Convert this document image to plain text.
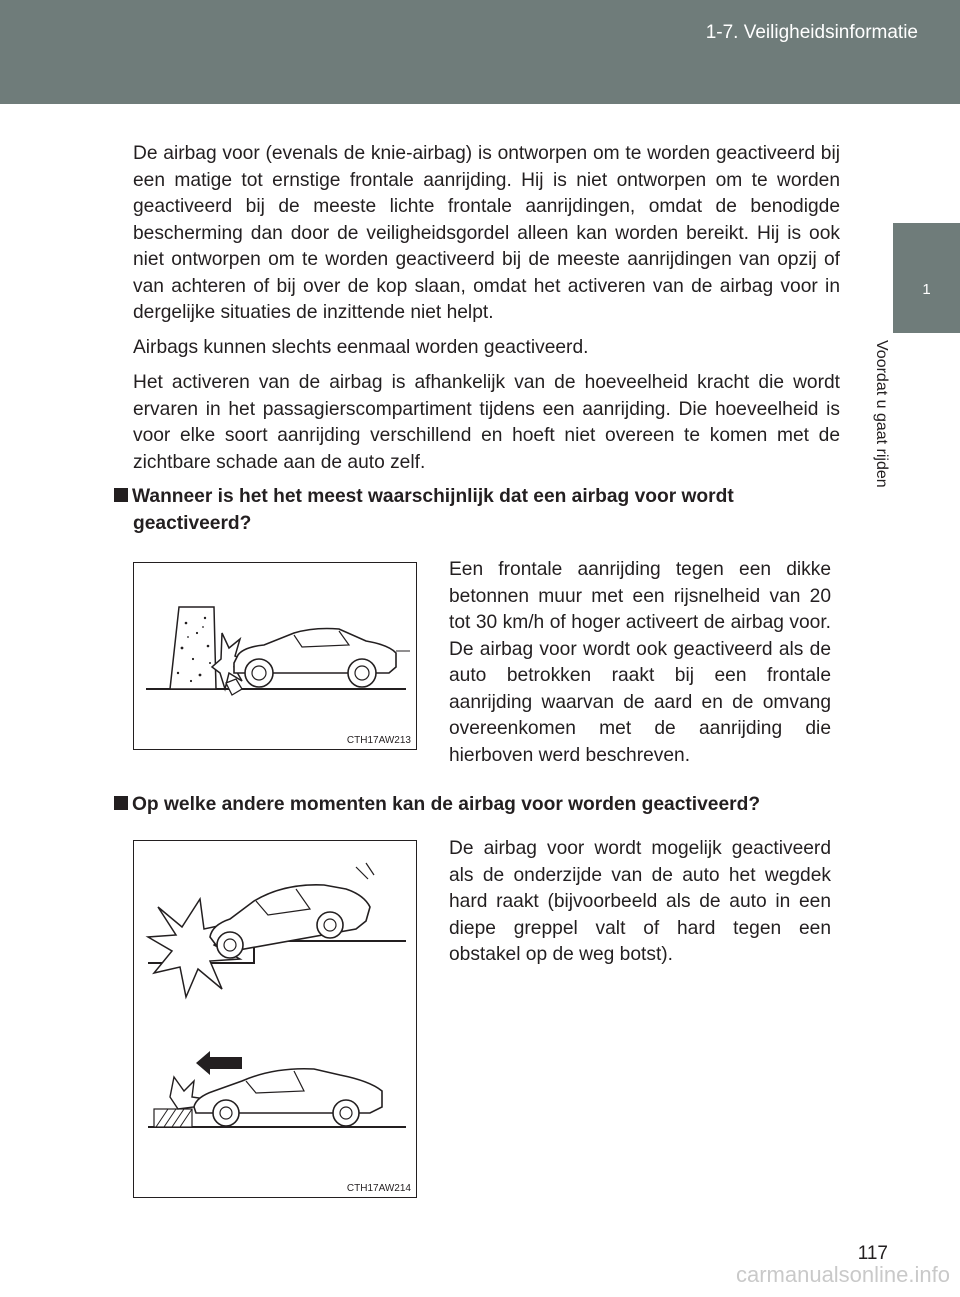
1-7. Veiligheidsinformatie
1
Voordat u gaat rijden

De airbag voor (evenals de knie-airbag) is ontworpen om te worden geactiveerd bij een matige tot ernstige frontale aanrijding. Hij is niet ontworpen om te worden geactiveerd bij de meeste lichte frontale aanrijdingen, omdat de benodigde bescherming dan door de veiligheidsgordel alleen kan worden bereikt. Hij is ook niet ontworpen om te worden geactiveerd bij de meeste aanrijdingen van opzij of van achteren of bij over de kop slaan, omdat het activeren van de airbag voor in dergelijke situaties de inzittende niet helpt.

Airbags kunnen slechts eenmaal worden geactiveerd.

Het activeren van de airbag is afhankelijk van de hoeveelheid kracht die wordt ervaren in het passagierscompartiment tijdens een aanrijding. Die hoeveelheid is voor elke soort aanrijding verschillend en hoeft niet overeen te komen met de zichtbare schade aan de auto zelf.

Wanneer is het het meest waarschijnlijk dat een airbag voor wordt
geactiveerd?
CTH17AW213

Een frontale aanrijding tegen een dikke betonnen muur met een rijsnelheid van 20 tot 30 km/h of hoger activeert de airbag voor. De airbag voor wordt ook geactiveerd als de auto betrokken raakt bij een frontale aanrijding waarvan de aard en de omvang overeenkomen met de aanrijding die hierboven werd beschreven.

Op welke andere momenten kan de airbag voor worden geactiveerd?
CTH17AW214

De airbag voor wordt mogelijk geactiveerd als de onderzijde van de auto het wegdek hard raakt (bijvoorbeeld als de auto in een diepe greppel valt of hard tegen een obstakel op de weg botst).

117
carmanualsonline.info
